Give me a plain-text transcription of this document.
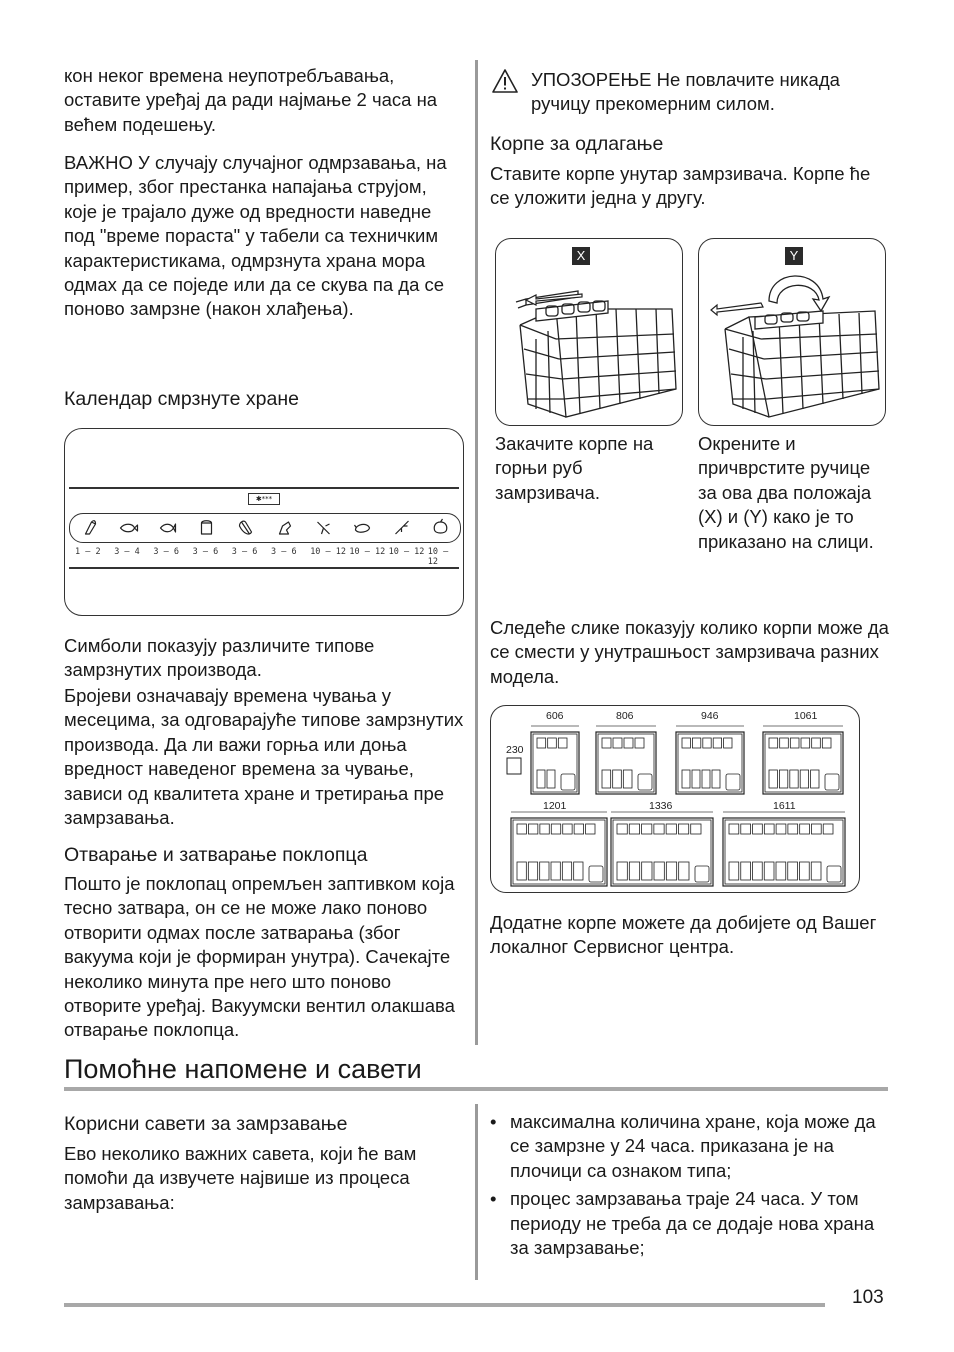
кон неког времена неупотребљавања, оставите уређај да ради најмање 2 часа на већем подешењу.

ВАЖНО У случају случајног одмрзавања, на пример, због престанка напајања струјом, које је трајало дуже од вредности наведне под "време пораста" у табели са техничким карактеристикама, одмрзнута храна мора одмах да се поједе или да се скува па да се поново замрзне (након хлађења).

Календар смрзнуте хране

✱***
1 – 2 3 – 4 3 – 6 3 – 6 3 – 6 3 – 6 10 – 12 10 – 12 10 – 12 10 – 12

Симболи показују различите типове замрзнутих производа.

Бројеви означавају времена чувања у месецима, за одговарајуће типове замрзнутих производа. Да ли важи горња или доња вредност наведеног времена за чување, зависи од квалитета хране и третирања пре замрзавања.

Отварање и затварање поклопца

Пошто је поклопац опремљен заптивком која тесно затвара, он се не може лако поново отворити одмах после затварања (због вакуума који је формиран унутра). Сачекајте неколико минута пре него што поново отворите уређај. Вакуумски вентил олакшава отварање поклопца.

УПОЗОРЕЊЕ Не повлачите никада ручицу прекомерним силом.

Корпе за одлагање

Ставите корпе унутар замрзивача. Корпе ће се уложити једна у другу.

X

Закачите корпе на горњи руб замрзивача.

Y

Окрените и причврстите ручице за ова два положаја (X) и (Y) како је то приказано на слици.

Следеће слике показују колико корпи може да се смести у унутрашњост замрзивача разних модела.

606	806	946	1061
1201	1336	1611
230

Додатне корпе можете да добијете од Вашег локалног Сервисног центра.

Помоћне напомене и савети

Корисни савети за замрзавање

Ево неколико важних савета, који ће вам помоћи да извучете највише из процеса замрзавања:

• максимална количина хране, која може да се замрзне у 24 часа. приказана је на плочици са ознаком типа;
• процес замрзавања траје 24 часа. У том периоду не треба да се додаје нова храна за замрзавање;

103
